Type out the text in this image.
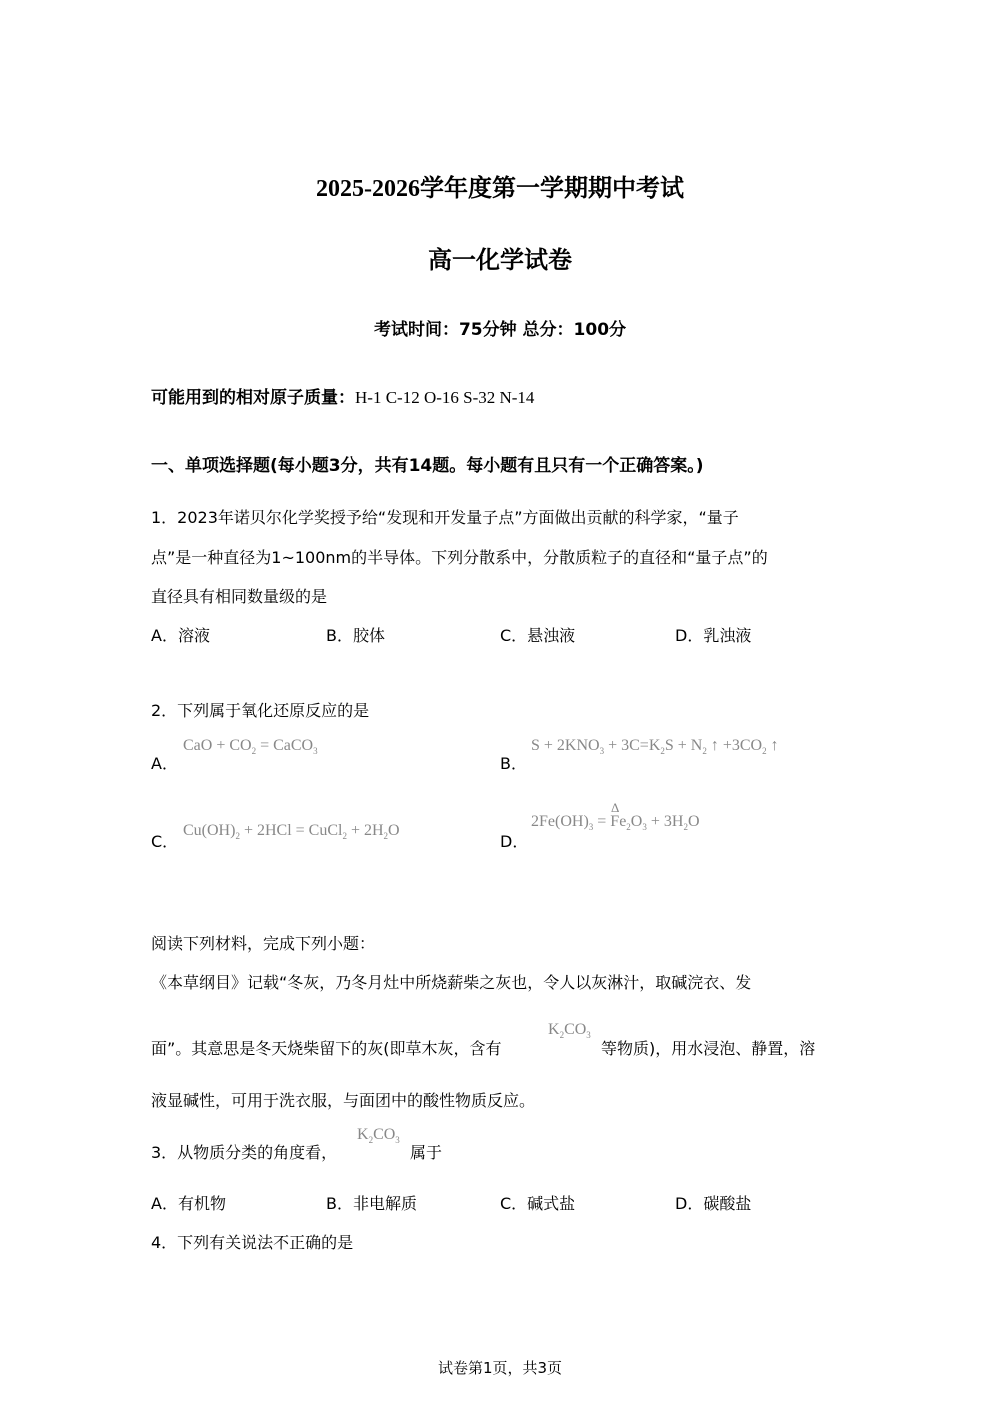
2025-2026学年度第一学期期中考试
高一化学试卷
考试时间：75分钟 总分：100分
可能用到的相对原子质量：H-1 C-12 O-16 S-32 N-14
一、单项选择题(每小题3分，共有14题。每小题有且只有一个正确答案。)
1．2023年诺贝尔化学奖授予给“发现和开发量子点”方面做出贡献的科学家，“量子
点”是一种直径为1~100nm的半导体。下列分散系中，分散质粒子的直径和“量子点”的
直径具有相同数量级的是
A．溶液	B．胶体	C．悬浊液	D．乳浊液
2．下列属于氧化还原反应的是
A．
CaO + $CO_2$ = CaCO$_3$
B．
$S + 2KNO_3 + 3C=K_2S + N_2$ ↑ $+3CO_2$ ↑
C．
$Cu(OH)_2 + 2HCl$ = CuCl$_2$ + $2H_2O$
D．
$2Fe(OH)_3 = Fe_2O_3 + 3H_2O$
Δ
阅读下列材料，完成下列小题：
《本草纲目》记载“冬灰，乃冬月灶中所烧薪柴之灰也，令人以灰淋汁，取碱浣衣、发
面”。其意思是冬天烧柴留下的灰(即草木灰，含有
$K_2CO_3$
等物质)，用水浸泡、静置，溶
液显碱性，可用于洗衣服，与面团中的酸性物质反应。
3．从物质分类的角度看，
$K_2CO_3$
属于
A．有机物	B．非电解质	C．碱式盐	D．碳酸盐
4．下列有关说法不正确的是
试卷第1页，共3页
